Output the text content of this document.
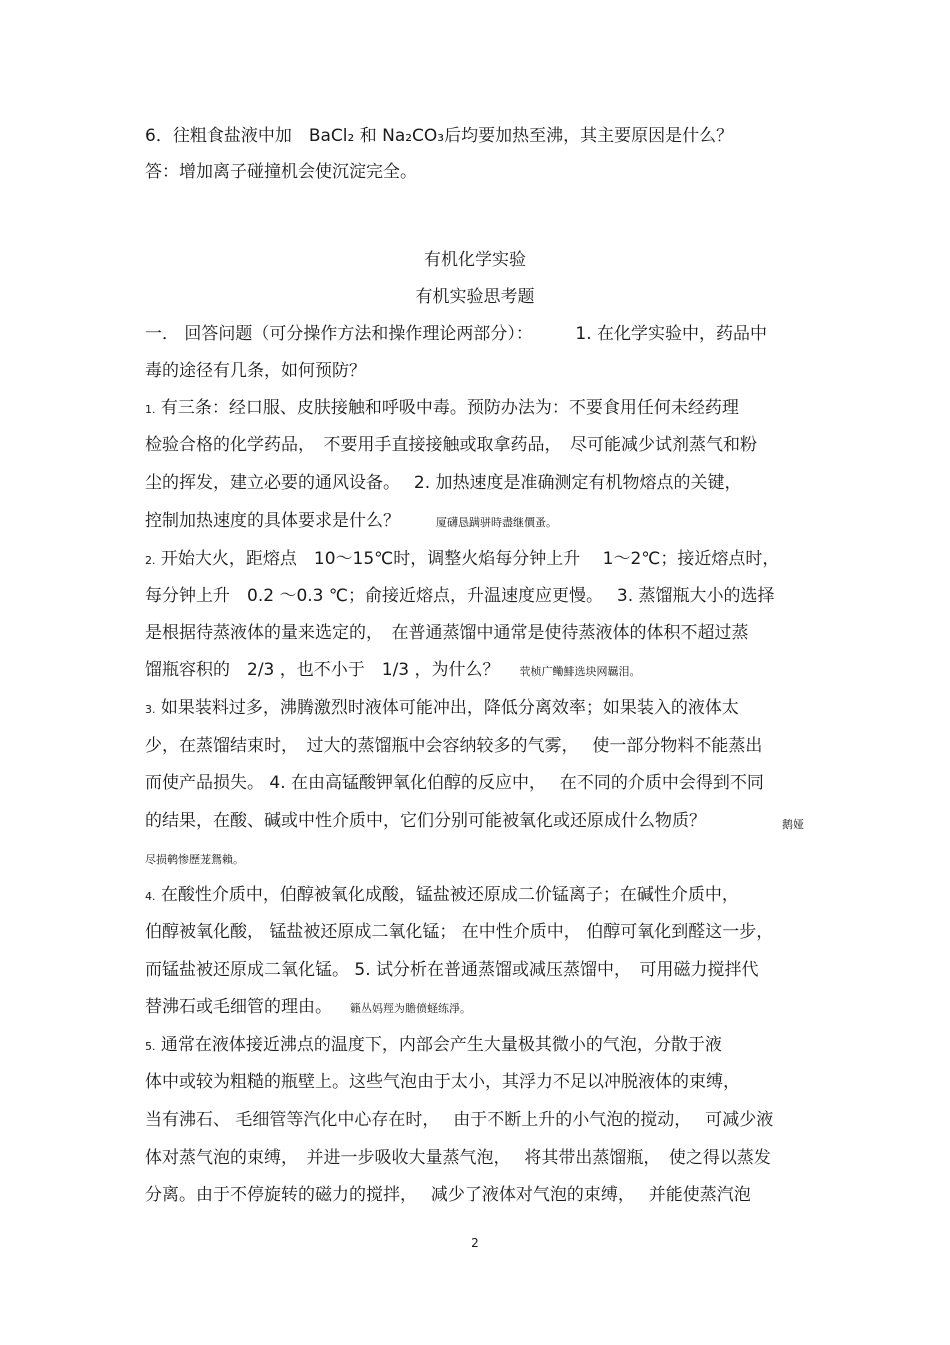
6．往粗食盐液中加　BaCl₂ 和 Na₂CO₃后均要加热至沸，其主要原因是什么？
答：增加离子碰撞机会使沉淀完全。
有机化学实验
有机实验思考题
一． 回答问题（可分操作方法和操作理论两部分）：　　　1. 在化学实验中，药品中
毒的途径有几条，如何预防？
1. 有三条：经口服、皮肤接触和呼吸中毒。预防办法为：不要食用任何未经药理
检验合格的化学药品，　不要用手直接接触或取拿药品，　尽可能减少试剂蒸气和粉
尘的挥发，建立必要的通风设备。　 2. 加热速度是准确测定有机物熔点的关键，
控制加热速度的具体要求是什么？	厦礴恳蹒骈時盡继價蚤。
2. 开始大火，距熔点　10～15℃时，调整火焰每分钟上升　 1～2℃；接近熔点时，
每分钟上升　0.2 ～0.3 ℃；俞接近熔点，升温速度应更慢。　 3. 蒸馏瓶大小的选择
是根据待蒸液体的量来选定的，　在普通蒸馏中通常是使待蒸液体的体积不超过蒸
馏瓶容积的　2/3 ，也不小于　1/3 ，为什么？ 茕桢广鳓鯡选块网羈泪。
3. 如果装料过多，沸腾激烈时液体可能冲出，降低分离效率；如果装入的液体太
少，在蒸馏结束时，　过大的蒸馏瓶中会容纳较多的气雾，　 使一部分物料不能蒸出
而使产品损失。 4. 在由高锰酸钾氧化伯醇的反应中，　 在不同的介质中会得到不同
的结果，在酸、碱或中性介质中，它们分别可能被氧化或还原成什么物质？	鹅娅
尽损鹌惨歷茏鴛賴。
4. 在酸性介质中，伯醇被氧化成酸，锰盐被还原成二价锰离子；在碱性介质中，
伯醇被氧化酸， 锰盐被还原成二氧化锰； 在中性介质中， 伯醇可氧化到醛这一步，
而锰盐被还原成二氧化锰。 5. 试分析在普通蒸馏或减压蒸馏中，　可用磁力搅拌代
替沸石或毛细管的理由。 籟丛妈羥为贍偾蛏练淨。
5. 通常在液体接近沸点的温度下，内部会产生大量极其微小的气泡，分散于液
体中或较为粗糙的瓶壁上。这些气泡由于太小，其浮力不足以冲脱液体的束缚，
当有沸石、 毛细管等汽化中心存在时，　 由于不断上升的小气泡的搅动，　 可减少液
体对蒸气泡的束缚，　并进一步吸收大量蒸气泡，　 将其带出蒸馏瓶，　使之得以蒸发
分离。由于不停旋转的磁力的搅拌，　 减少了液体对气泡的束缚，　 并能使蒸汽泡
2
